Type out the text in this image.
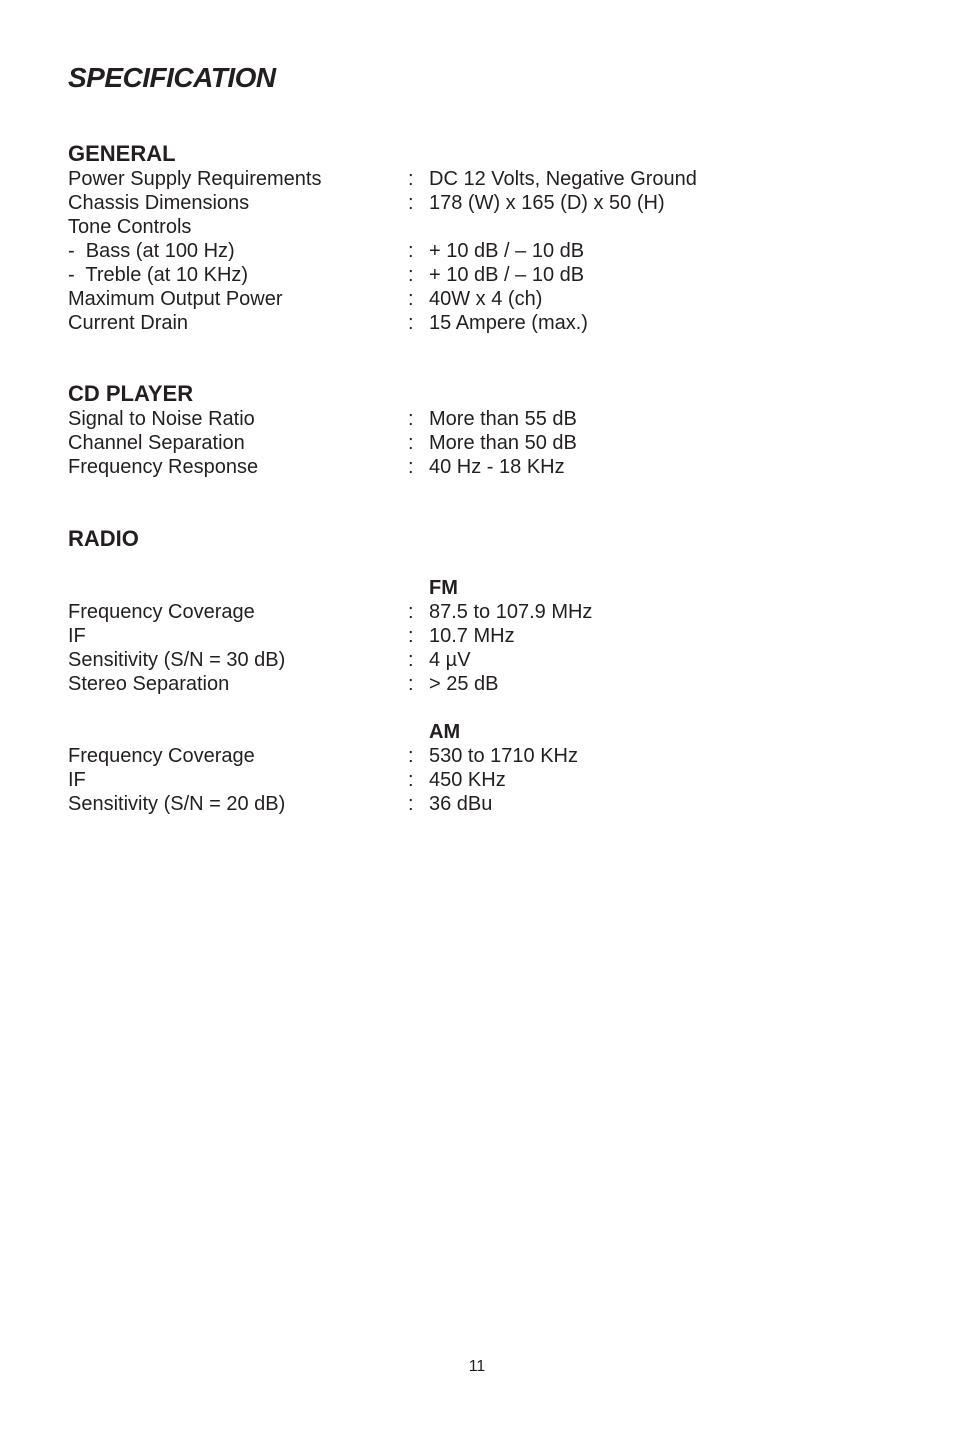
SPECIFICATION
GENERAL
Power Supply Requirements	: DC 12 Volts, Negative Ground
Chassis Dimensions	: 178 (W) x 165 (D) x 50 (H)
Tone Controls
-  Bass (at 100 Hz)	: + 10 dB / – 10 dB
-  Treble (at 10 KHz)	: + 10 dB / – 10 dB
Maximum Output Power	: 40W x 4 (ch)
Current Drain	: 15 Ampere (max.)
CD PLAYER
Signal to Noise Ratio	: More than 55 dB
Channel Separation	: More than 50 dB
Frequency Response	: 40 Hz - 18 KHz
RADIO
FM
Frequency Coverage	: 87.5 to 107.9 MHz
IF	: 10.7 MHz
Sensitivity (S/N = 30 dB)	: 4 µV
Stereo Separation	: > 25 dB
AM
Frequency Coverage	: 530 to 1710 KHz
IF	: 450 KHz
Sensitivity (S/N = 20 dB)	: 36 dBu
11
